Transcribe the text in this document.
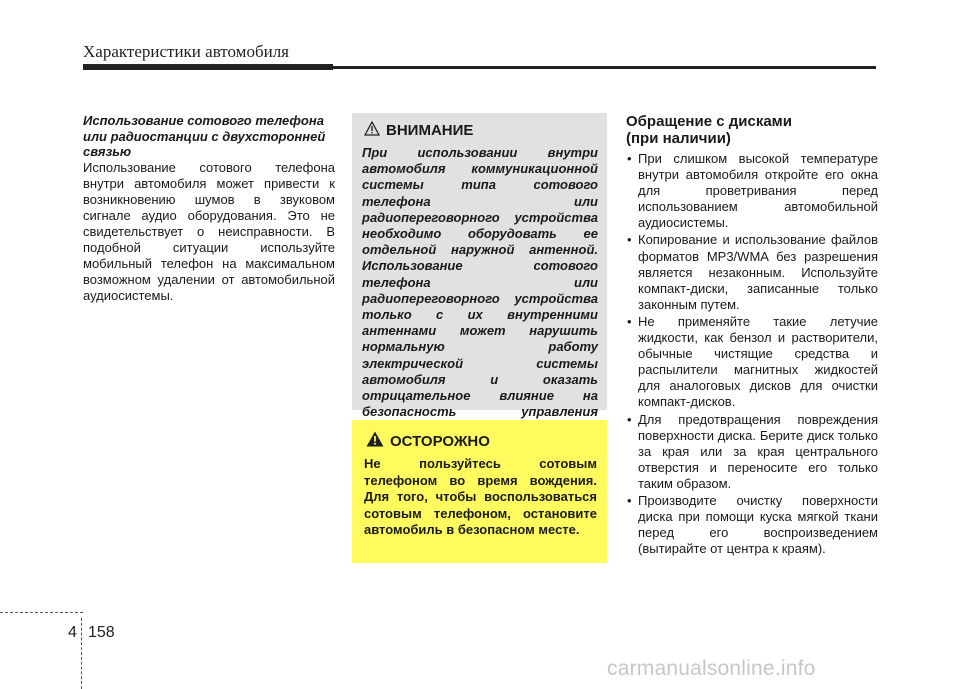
Характеристики автомобиля
Использование сотового телефона или радиостанции с двухсторонней связью
Использование сотового телефона внутри автомобиля может привести к возникновению шумов в звуковом сигнале аудио оборудования. Это не свидетельствует о неисправности. В подобной ситуации используйте мобильный телефон на максимальном возможном удалении от автомобильной аудиосистемы.
ВНИМАНИЕ
При использовании внутри автомобиля коммуникационной системы типа сотового телефона или радиопереговорного устройства необходимо оборудовать ее отдельной наружной антенной. Использование сотового телефона или радиопереговорного устройства только с их внутренними антеннами может нарушить нормальную работу электрической системы автомобиля и оказать отрицательное влияние на безопасность управления
ОСТОРОЖНО
Не пользуйтесь сотовым телефоном во время вождения. Для того, чтобы воспользоваться сотовым телефоном, остановите автомобиль в безопасном месте.
Обращение с дисками
(при наличии)
• При слишком высокой температуре внутри автомобиля откройте его окна для проветривания перед использованием автомобильной аудиосистемы.
• Копирование и использование файлов форматов MP3/WMA без разрешения является незаконным. Используйте компакт-диски, записанные только законным путем.
• Не применяйте такие летучие жидкости, как бензол и растворители, обычные чистящие средства и распылители магнитных жидкостей для аналоговых дисков для очистки компакт-дисков.
• Для предотвращения повреждения поверхности диска. Берите диск только за края или за края центрального отверстия и переносите его только таким образом.
• Производите очистку поверхности диска при помощи куска мягкой ткани перед его воспроизведением (вытирайте от центра к краям).
4 158
carmanualsonline.info
